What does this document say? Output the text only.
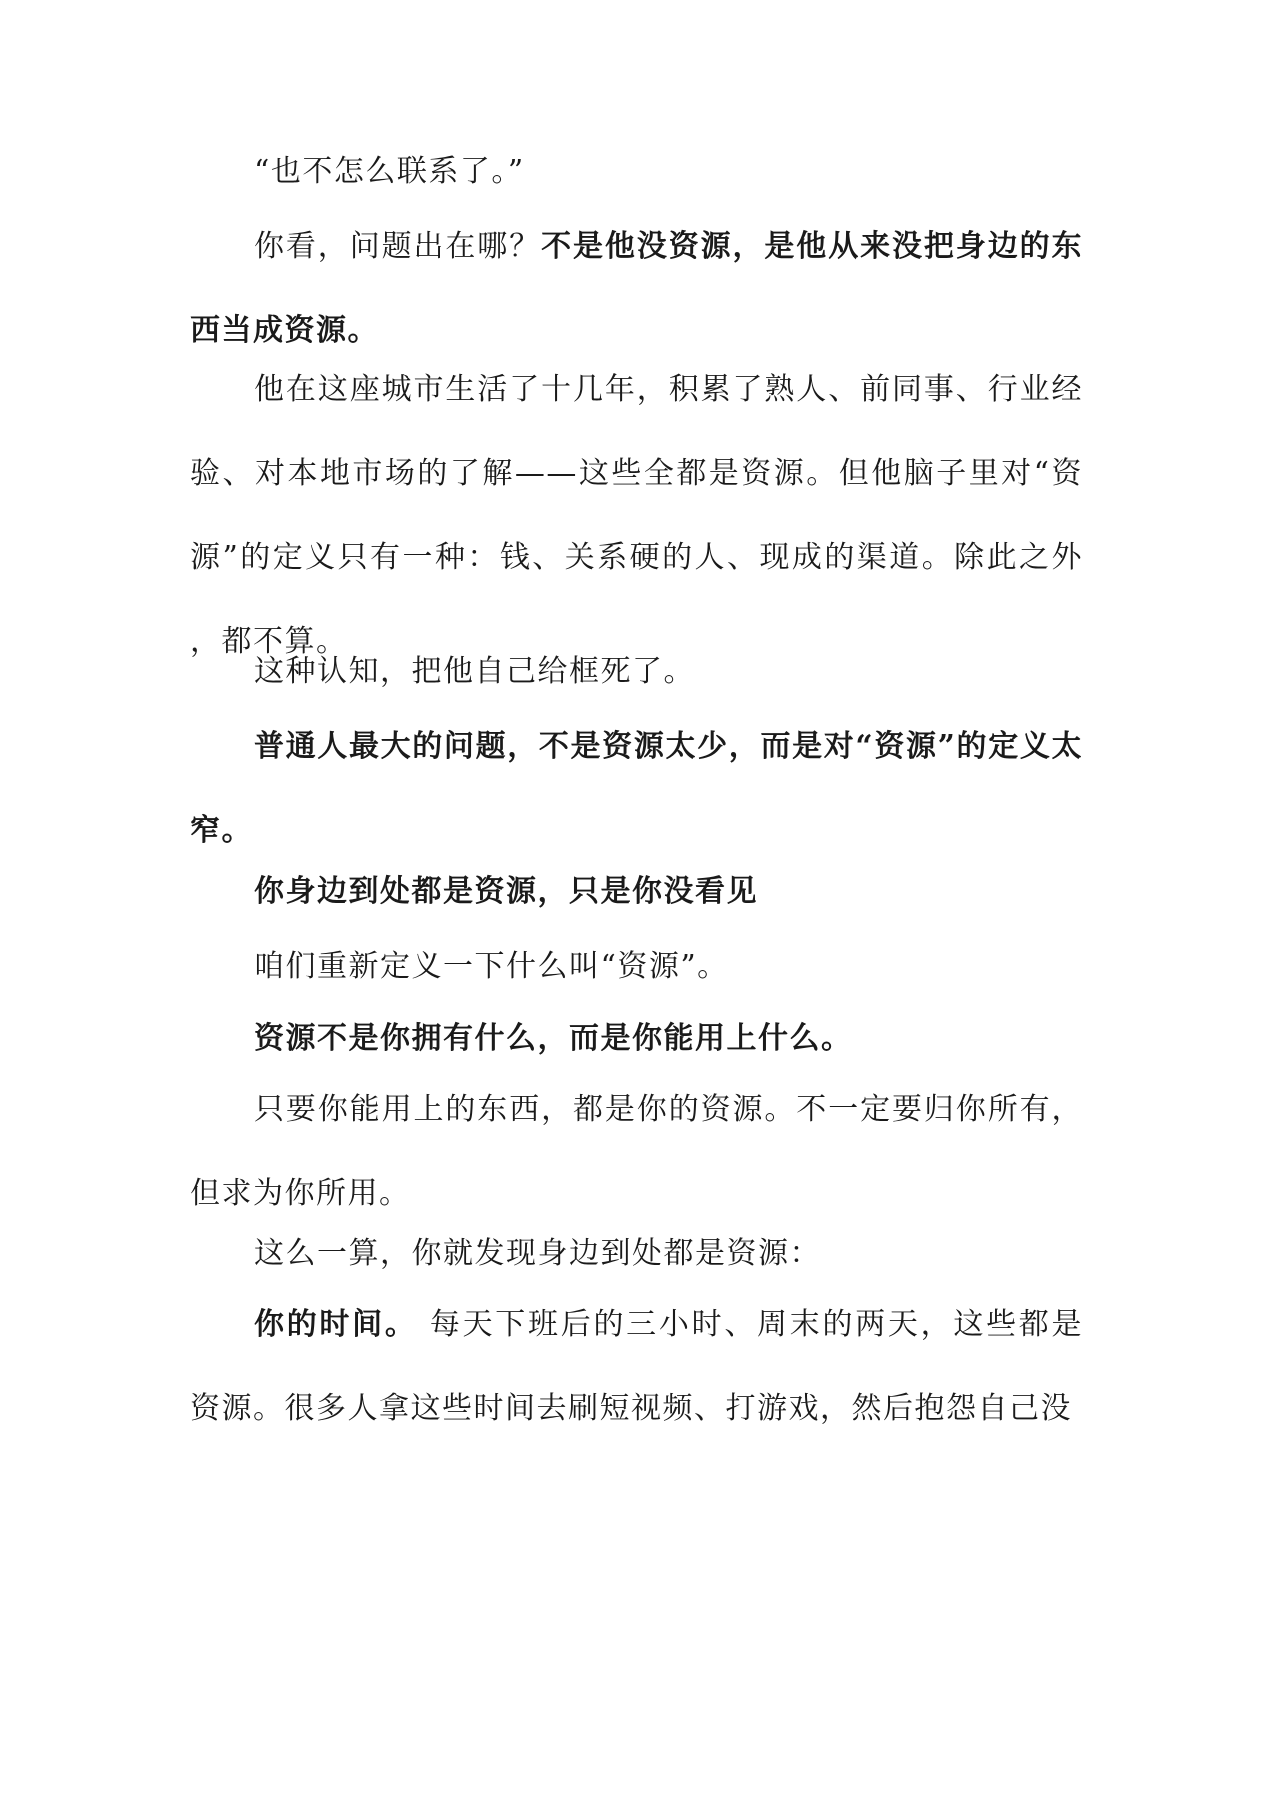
“也不怎么联系了。”

你看，问题出在哪？不是他没资源，是他从来没把身边的东西当成资源。

他在这座城市生活了十几年，积累了熟人、前同事、行业经验、对本地市场的了解——这些全都是资源。但他脑子里对“资源”的定义只有一种：钱、关系硬的人、现成的渠道。除此之外，都不算。

这种认知，把他自己给框死了。

普通人最大的问题，不是资源太少，而是对“资源”的定义太窄。

你身边到处都是资源，只是你没看见

咱们重新定义一下什么叫“资源”。

资源不是你拥有什么，而是你能用上什么。

只要你能用上的东西，都是你的资源。不一定要归你所有，但求为你所用。

这么一算，你就发现身边到处都是资源：

你的时间。 每天下班后的三小时、周末的两天，这些都是资源。很多人拿这些时间去刷短视频、打游戏，然后抱怨自己没
